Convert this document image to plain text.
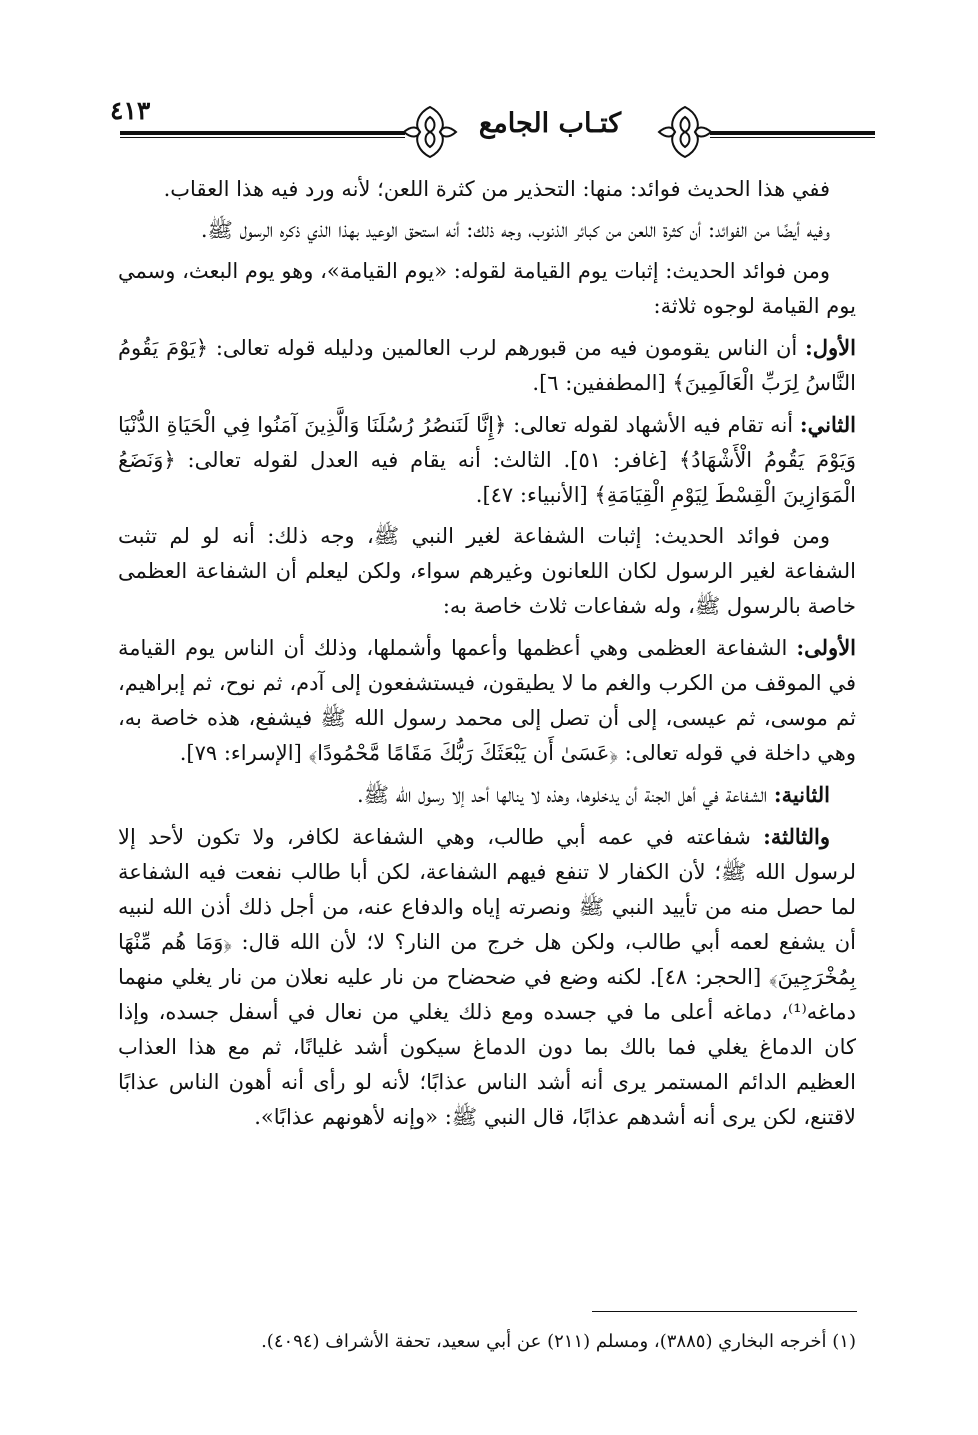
٤١٣	كتـاب الجامع

ففي هذا الحديث فوائد: منها: التحذير من كثرة اللعن؛ لأنه ورد فيه هذا العقاب.

وفيه أيضًا من الفوائد: أن كثرة اللعن من كبائر الذنوب، وجه ذلك: أنه استحق الوعيد بهذا الذي ذكره الرسول ﷺ.

ومن فوائد الحديث: إثبات يوم القيامة لقوله: «يوم القيامة»، وهو يوم البعث، وسمي يوم القيامة لوجوه ثلاثة:

الأول: أن الناس يقومون فيه من قبورهم لرب العالمين ودليله قوله تعالى: ﴿يَوْمَ يَقُومُ النَّاسُ لِرَبِّ الْعَالَمِينَ﴾ [المطففين: ٦].

الثاني: أنه تقام فيه الأشهاد لقوله تعالى: ﴿إِنَّا لَنَنصُرُ رُسُلَنَا وَالَّذِينَ آمَنُوا فِي الْحَيَاةِ الدُّنْيَا وَيَوْمَ يَقُومُ الْأَشْهَادُ﴾ [غافر: ٥١]. الثالث: أنه يقام فيه العدل لقوله تعالى: ﴿وَنَضَعُ الْمَوَازِينَ الْقِسْطَ لِيَوْمِ الْقِيَامَةِ﴾ [الأنبياء: ٤٧].

ومن فوائد الحديث: إثبات الشفاعة لغير النبي ﷺ، وجه ذلك: أنه لو لم تثبت الشفاعة لغير الرسول لكان اللعانون وغيرهم سواء، ولكن ليعلم أن الشفاعة العظمى خاصة بالرسول ﷺ، وله شفاعات ثلاث خاصة به:

الأولى: الشفاعة العظمى وهي أعظمها وأعمها وأشملها، وذلك أن الناس يوم القيامة في الموقف من الكرب والغم ما لا يطيقون، فيستشفعون إلى آدم، ثم نوح، ثم إبراهيم، ثم موسى، ثم عيسى، إلى أن تصل إلى محمد رسول الله ﷺ فيشفع، هذه خاصة به، وهي داخلة في قوله تعالى: ﴿عَسَىٰ أَن يَبْعَثَكَ رَبُّكَ مَقَامًا مَّحْمُودًا﴾ [الإسراء: ٧٩].

الثانية: الشفاعة في أهل الجنة أن يدخلوها، وهذه لا ينالها أحد إلا رسول الله ﷺ.

والثالثة: شفاعته في عمه أبي طالب، وهي الشفاعة لكافر، ولا تكون لأحد إلا لرسول الله ﷺ؛ لأن الكفار لا تنفع فيهم الشفاعة، لكن أبا طالب نفعت فيه الشفاعة لما حصل منه من تأييد النبي ﷺ ونصرته إياه والدفاع عنه، من أجل ذلك أذن الله لنبيه أن يشفع لعمه أبي طالب، ولكن هل خرج من النار؟ لا؛ لأن الله قال: ﴿وَمَا هُم مِّنْهَا بِمُخْرَجِينَ﴾ [الحجر: ٤٨]. لكنه وضع في ضحضاح من نار عليه نعلان من نار يغلي منهما دماغه⁽¹⁾، دماغه أعلى ما في جسده ومع ذلك يغلي من نعال في أسفل جسده، وإذا كان الدماغ يغلي فما بالك بما دون الدماغ سيكون أشد غليانًا، ثم مع هذا العذاب العظيم الدائم المستمر يرى أنه أشد الناس عذابًا؛ لأنه لو رأى أنه أهون الناس عذابًا لاقتنع، لكن يرى أنه أشدهم عذابًا، قال النبي ﷺ: «وإنه لأهونهم عذابًا».

(١) أخرجه البخاري (٣٨٨٥)، ومسلم (٢١١) عن أبي سعيد، تحفة الأشراف (٤٠٩٤).
